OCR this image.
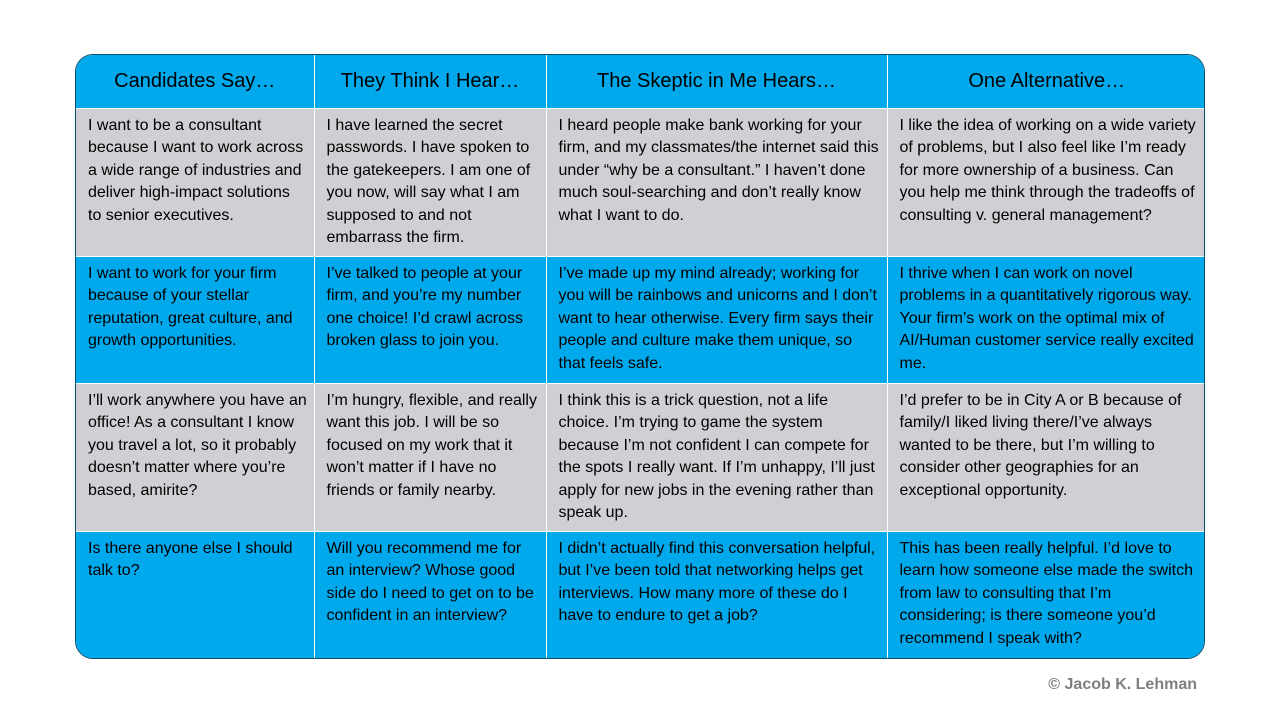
Candidates Say…	They Think I Hear…	The Skeptic in Me Hears…	One Alternative…
I want to be a consultant because I want to work across a wide range of industries and deliver high-impact solutions to senior executives.	I have learned the secret passwords. I have spoken to the gatekeepers. I am one of you now, will say what I am supposed to and not embarrass the firm.	I heard people make bank working for your firm, and my classmates/the internet said this under “why be a consultant.” I haven’t done much soul-searching and don’t really know what I want to do.	I like the idea of working on a wide variety of problems, but I also feel like I’m ready for more ownership of a business. Can you help me think through the tradeoffs of consulting v. general management?
I want to work for your firm because of your stellar reputation, great culture, and growth opportunities.	I’ve talked to people at your firm, and you’re my number one choice! I’d crawl across broken glass to join you.	I’ve made up my mind already; working for you will be rainbows and unicorns and I don’t want to hear otherwise. Every firm says their people and culture make them unique, so that feels safe.	I thrive when I can work on novel problems in a quantitatively rigorous way. Your firm’s work on the optimal mix of AI/Human customer service really excited me.
I’ll work anywhere you have an office! As a consultant I know you travel a lot, so it probably doesn’t matter where you’re based, amirite?	I’m hungry, flexible, and really want this job. I will be so focused on my work that it won’t matter if I have no friends or family nearby.	I think this is a trick question, not a life choice. I’m trying to game the system because I’m not confident I can compete for the spots I really want. If I’m unhappy, I’ll just apply for new jobs in the evening rather than speak up.	I’d prefer to be in City A or B because of family/I liked living there/I’ve always wanted to be there, but I’m willing to consider other geographies for an exceptional opportunity.
Is there anyone else I should talk to?	Will you recommend me for an interview? Whose good side do I need to get on to be confident in an interview?	I didn’t actually find this conversation helpful, but I’ve been told that networking helps get interviews. How many more of these do I have to endure to get a job?	This has been really helpful. I’d love to learn how someone else made the switch from law to consulting that I’m considering; is there someone you’d recommend I speak with?
© Jacob K. Lehman
